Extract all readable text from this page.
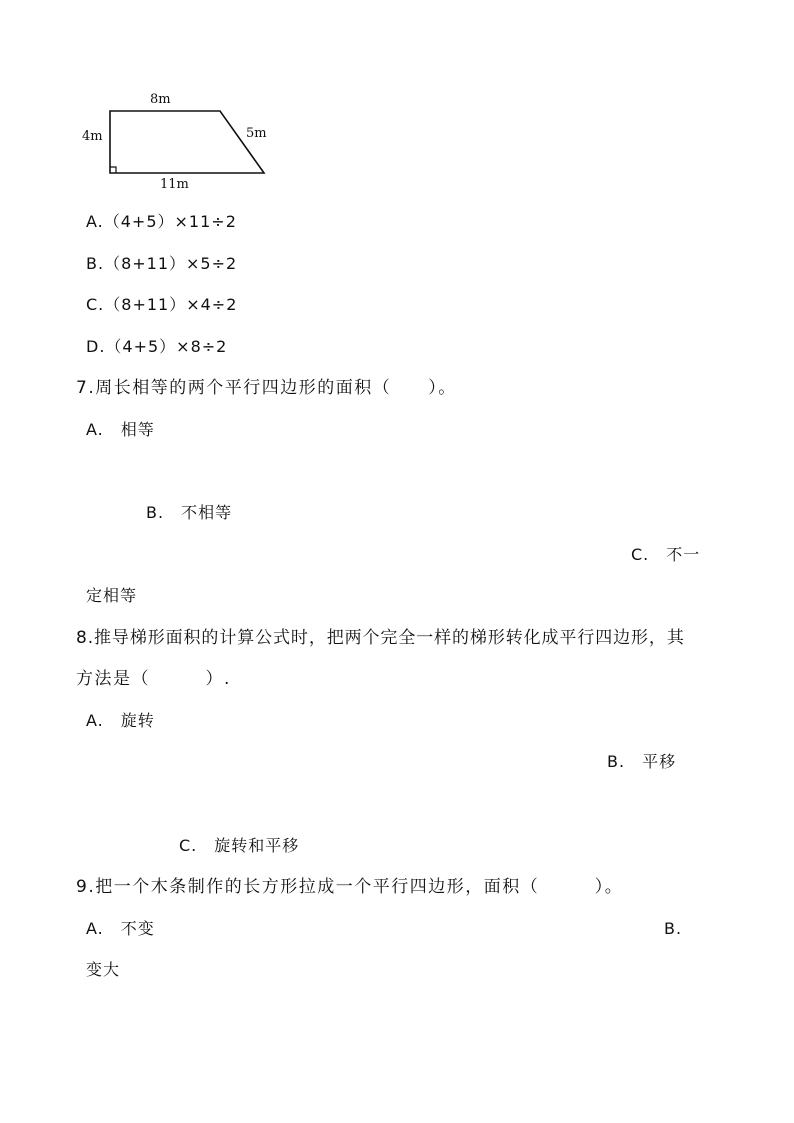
8m
4m	5m
11m
A.（4+5）×11÷2
B.（8+11）×5÷2
C.（8+11）×4÷2
D.（4+5）×8÷2
7.周长相等的两个平行四边形的面积（　　）。
A.　相等
B.　不相等
C.　不一
定相等
8.推导梯形面积的计算公式时，把两个完全一样的梯形转化成平行四边形，其
方法是（　　　）.
A.　旋转
B.　平移
C.　旋转和平移
9.把一个木条制作的长方形拉成一个平行四边形，面积（　　　）。
A.　不变	B.
变大
